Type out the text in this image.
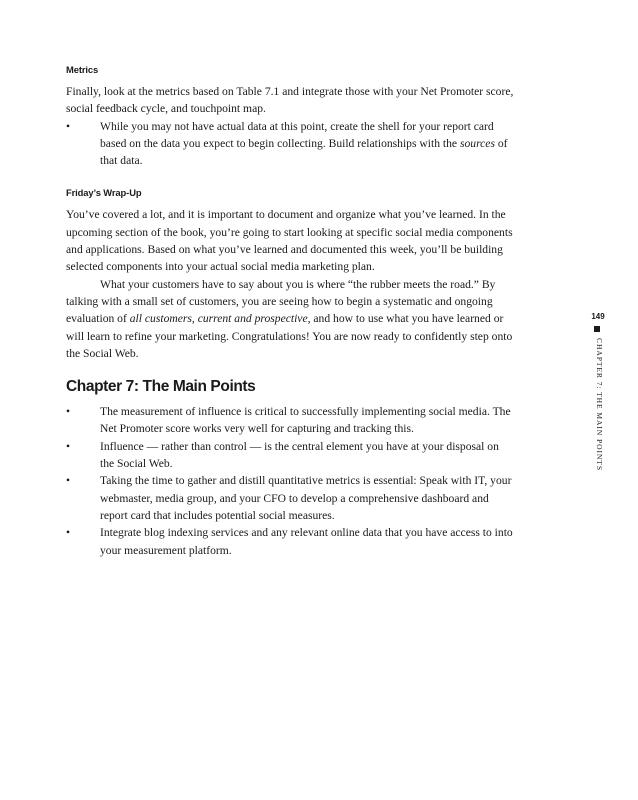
Metrics

Finally, look at the metrics based on Table 7.1 and integrate those with your Net Promoter score, social feedback cycle, and touchpoint map.

•	While you may not have actual data at this point, create the shell for your report card based on the data you expect to begin collecting. Build relationships with the sources of that data.
Friday’s Wrap-Up

You’ve covered a lot, and it is important to document and organize what you’ve learned. In the upcoming section of the book, you’re going to start looking at specific social media components and applications. Based on what you’ve learned and documented this week, you’ll be building selected components into your actual social media marketing plan.

What your customers have to say about you is where “the rubber meets the road.” By talking with a small set of customers, you are seeing how to begin a systematic and ongoing evaluation of all customers, current and prospective, and how to use what you have learned or will learn to refine your marketing. Congratulations! You are now ready to confidently step onto the Social Web.

Chapter 7: The Main Points
•	The measurement of influence is critical to successfully implementing social media. The Net Promoter score works very well for capturing and tracking this.
•	Influence — rather than control — is the central element you have at your disposal on the Social Web.
•	Taking the time to gather and distill quantitative metrics is essential: Speak with IT, your webmaster, media group, and your CFO to develop a comprehensive dashboard and report card that includes potential social measures.
•	Integrate blog indexing services and any relevant online data that you have access to into your measurement platform.
149
CHAPTER 7: THE MAIN POINTS
